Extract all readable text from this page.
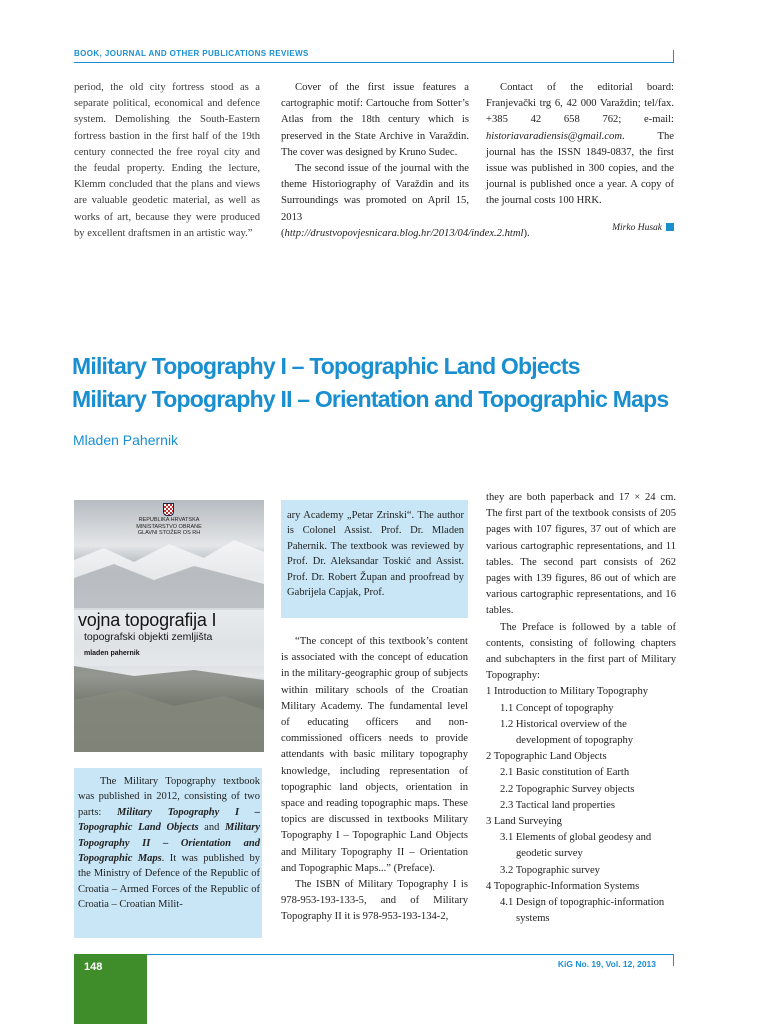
BOOK, JOURNAL AND OTHER PUBLICATIONS REVIEWS

period, the old city fortress stood as a separate political, economical and defence system. Demolishing the South-Eastern fortress bastion in the first half of the 19th century connected the free royal city and the feudal property. Ending the lecture, Klemm concluded that the plans and views are valuable geodetic material, as well as works of art, because they were produced by excellent draftsmen in an artistic way.”

Cover of the first issue features a cartographic motif: Cartouche from Sotter’s Atlas from the 18th century which is preserved in the State Archive in Varaždin. The cover was designed by Kruno Sudec.

The second issue of the journal with the theme Historiography of Varaždin and its Surroundings was promoted on April 15, 2013 (http://drustvopovjesnicara.blog.hr/2013/04/index.2.html).

Contact of the editorial board: Franjevački trg 6, 42 000 Varaždin; tel/fax. +385 42 658 762; e-mail: historiavaradiensis@gmail.com. The journal has the ISSN 1849-0837, the first issue was published in 300 copies, and the journal is published once a year. A copy of the journal costs 100 HRK.

Mirko Husak

Military Topography I – Topographic Land Objects
Military Topography II – Orientation and Topographic Maps
Mladen Pahernik
REPUBLIKA HRVATSKA
MINISTARSTVO OBRANE
GLAVNI STOŽER OS RH
vojna topografija I
topografski objekti zemljišta
mladen pahernik

The Military Topography textbook was published in 2012, consisting of two parts: Military Topography I – Topographic Land Objects and Military Topography II – Orientation and Topographic Maps. It was published by the Ministry of Defence of the Republic of Croatia – Armed Forces of the Republic of Croatia – Croatian Milit-

ary Academy „Petar Zrinski“. The author is Colonel Assist. Prof. Dr. Mladen Pahernik. The textbook was reviewed by Prof. Dr. Aleksandar Toskić and Assist. Prof. Dr. Robert Župan and proofread by Gabrijela Capjak, Prof.

“The concept of this textbook’s content is associated with the concept of education in the military-geographic group of subjects within military schools of the Croatian Military Academy. The fundamental level of educating officers and non-commissioned officers needs to provide attendants with basic military topography knowledge, including representation of topographic land objects, orientation in space and reading topographic maps. These topics are discussed in textbooks Military Topography I – Topographic Land Objects and Military Topography II – Orientation and Topographic Maps...” (Preface).

The ISBN of Military Topography I is 978-953-193-133-5, and of Military Topography II it is 978-953-193-134-2,

they are both paperback and 17 × 24 cm. The first part of the textbook consists of 205 pages with 107 figures, 37 out of which are various cartographic representations, and 11 tables. The second part consists of 262 pages with 139 figures, 86 out of which are various cartographic representations, and 16 tables.

The Preface is followed by a table of contents, consisting of following chapters and subchapters in the first part of Military Topography:

1 Introduction to Military Topography
1.1 Concept of topography
1.2 Historical overview of the development of topography
2 Topographic Land Objects
2.1 Basic constitution of Earth
2.2 Topographic Survey objects
2.3 Tactical land properties
3 Land Surveying
3.1 Elements of global geodesy and geodetic survey
3.2 Topographic survey
4 Topographic-Information Systems
4.1 Design of topographic-information systems
148	KiG No. 19, Vol. 12, 2013
